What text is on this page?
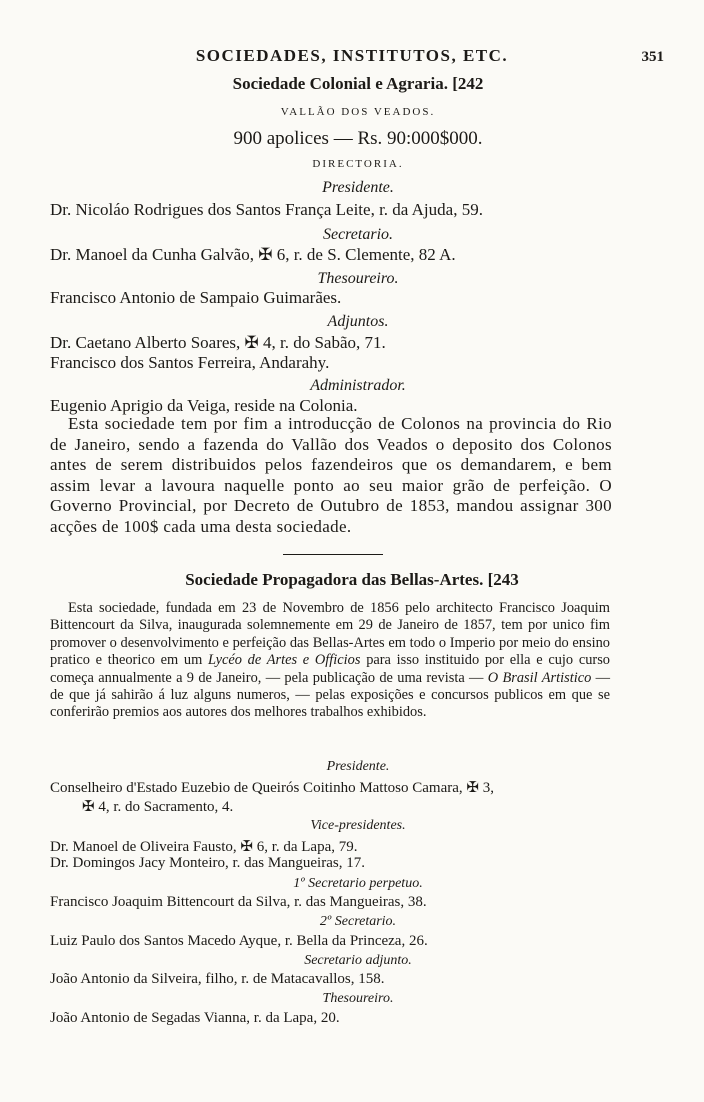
SOCIEDADES, INSTITUTOS, ETC.	351
Sociedade Colonial e Agraria. [242
VALLÃO DOS VEADOS.
900 apolices — Rs. 90:000$000.
DIRECTORIA.
Presidente.
Dr. Nicoláo Rodrigues dos Santos França Leite, r. da Ajuda, 59.
Secretario.
Dr. Manoel da Cunha Galvão, ✠ 6, r. de S. Clemente, 82 A.
Thesoureiro.
Francisco Antonio de Sampaio Guimarães.
Adjuntos.
Dr. Caetano Alberto Soares, ✠ 4, r. do Sabão, 71.
Francisco dos Santos Ferreira, Andarahy.
Administrador.
Eugenio Aprigio da Veiga, reside na Colonia.
Esta sociedade tem por fim a introducção de Colonos na provincia do Rio de Janeiro, sendo a fazenda do Vallão dos Veados o deposito dos Colonos antes de serem distribuidos pelos fazendeiros que os demandarem, e bem assim levar a lavoura naquelle ponto ao seu maior grão de perfeição. O Governo Provincial, por Decreto de Outubro de 1853, mandou assignar 300 acções de 100$ cada uma desta sociedade.
Sociedade Propagadora das Bellas-Artes. [243
Esta sociedade, fundada em 23 de Novembro de 1856 pelo architecto Francisco Joaquim Bittencourt da Silva, inaugurada solemnemente em 29 de Janeiro de 1857, tem por unico fim promover o desenvolvimento e perfeição das Bellas-Artes em todo o Imperio por meio do ensino pratico e theorico em um Lycéo de Artes e Officios para isso instituido por ella e cujo curso começa annualmente a 9 de Janeiro, — pela publicação de uma revista — O Brasil Artistico — de que já sahirão á luz alguns numeros, — pelas exposições e concursos publicos em que se conferirão premios aos autores dos melhores trabalhos exhibidos.
Presidente.
Conselheiro d'Estado Euzebio de Queirós Coitinho Mattoso Camara, ✠ 3,
✠ 4, r. do Sacramento, 4.
Vice-presidentes.
Dr. Manoel de Oliveira Fausto, ✠ 6, r. da Lapa, 79.
Dr. Domingos Jacy Monteiro, r. das Mangueiras, 17.
1º Secretario perpetuo.
Francisco Joaquim Bittencourt da Silva, r. das Mangueiras, 38.
2º Secretario.
Luiz Paulo dos Santos Macedo Ayque, r. Bella da Princeza, 26.
Secretario adjunto.
João Antonio da Silveira, filho, r. de Matacavallos, 158.
Thesoureiro.
João Antonio de Segadas Vianna, r. da Lapa, 20.
